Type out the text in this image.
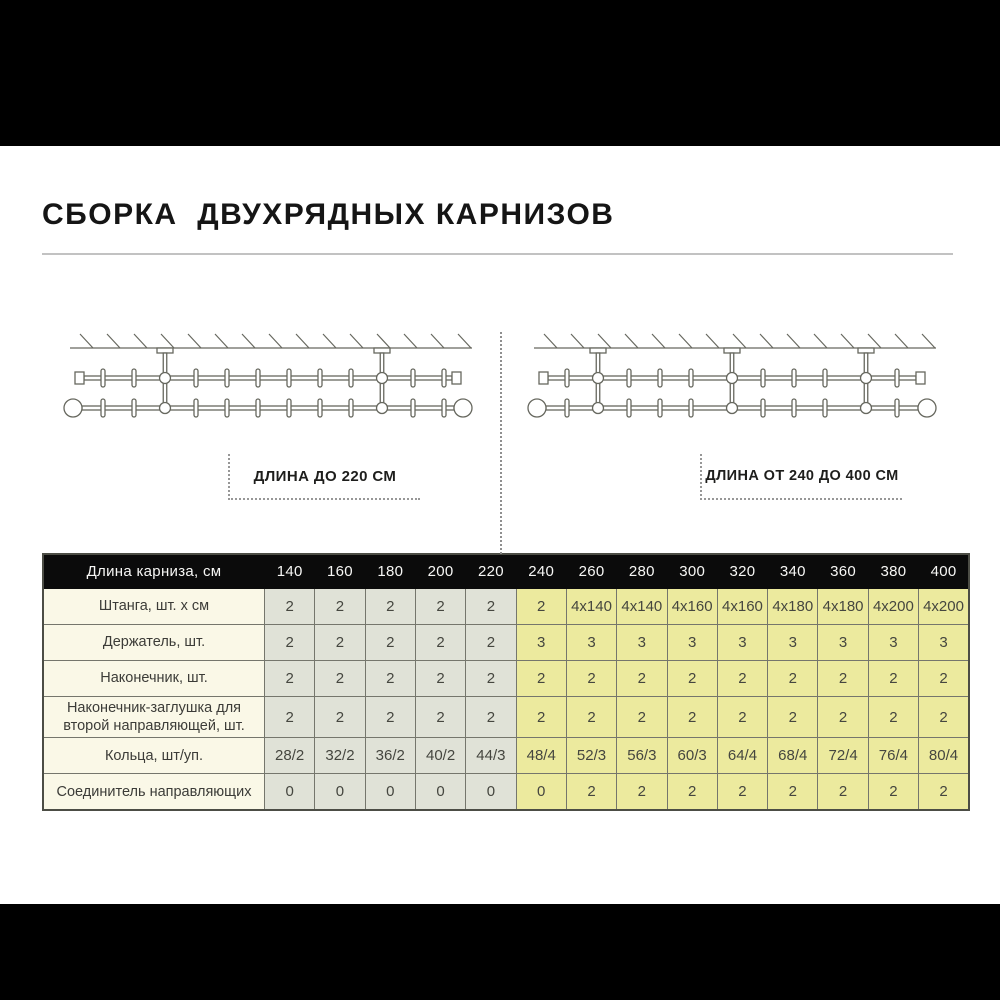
СБОРКА  ДВУХРЯДНЫХ КАРНИЗОВ
ДЛИНА ДО 220 СМ	ДЛИНА ОТ 240 ДО 400 СМ
Длина карниза, см	140	160	180	200	220	240	260	280	300	320	340	360	380	400
Штанга, шт. х см	2	2	2	2	2	2	4x140	4x140	4x160	4x160	4x180	4x180	4x200	4x200
Держатель, шт.	2	2	2	2	2	3	3	3	3	3	3	3	3	3
Наконечник, шт.	2	2	2	2	2	2	2	2	2	2	2	2	2	2
Наконечник-заглушка для второй направляющей, шт.	2	2	2	2	2	2	2	2	2	2	2	2	2	2
Кольца, шт/уп.	28/2	32/2	36/2	40/2	44/3	48/4	52/3	56/3	60/3	64/4	68/4	72/4	76/4	80/4
Соединитель направляющих	0	0	0	0	0	0	2	2	2	2	2	2	2	2
